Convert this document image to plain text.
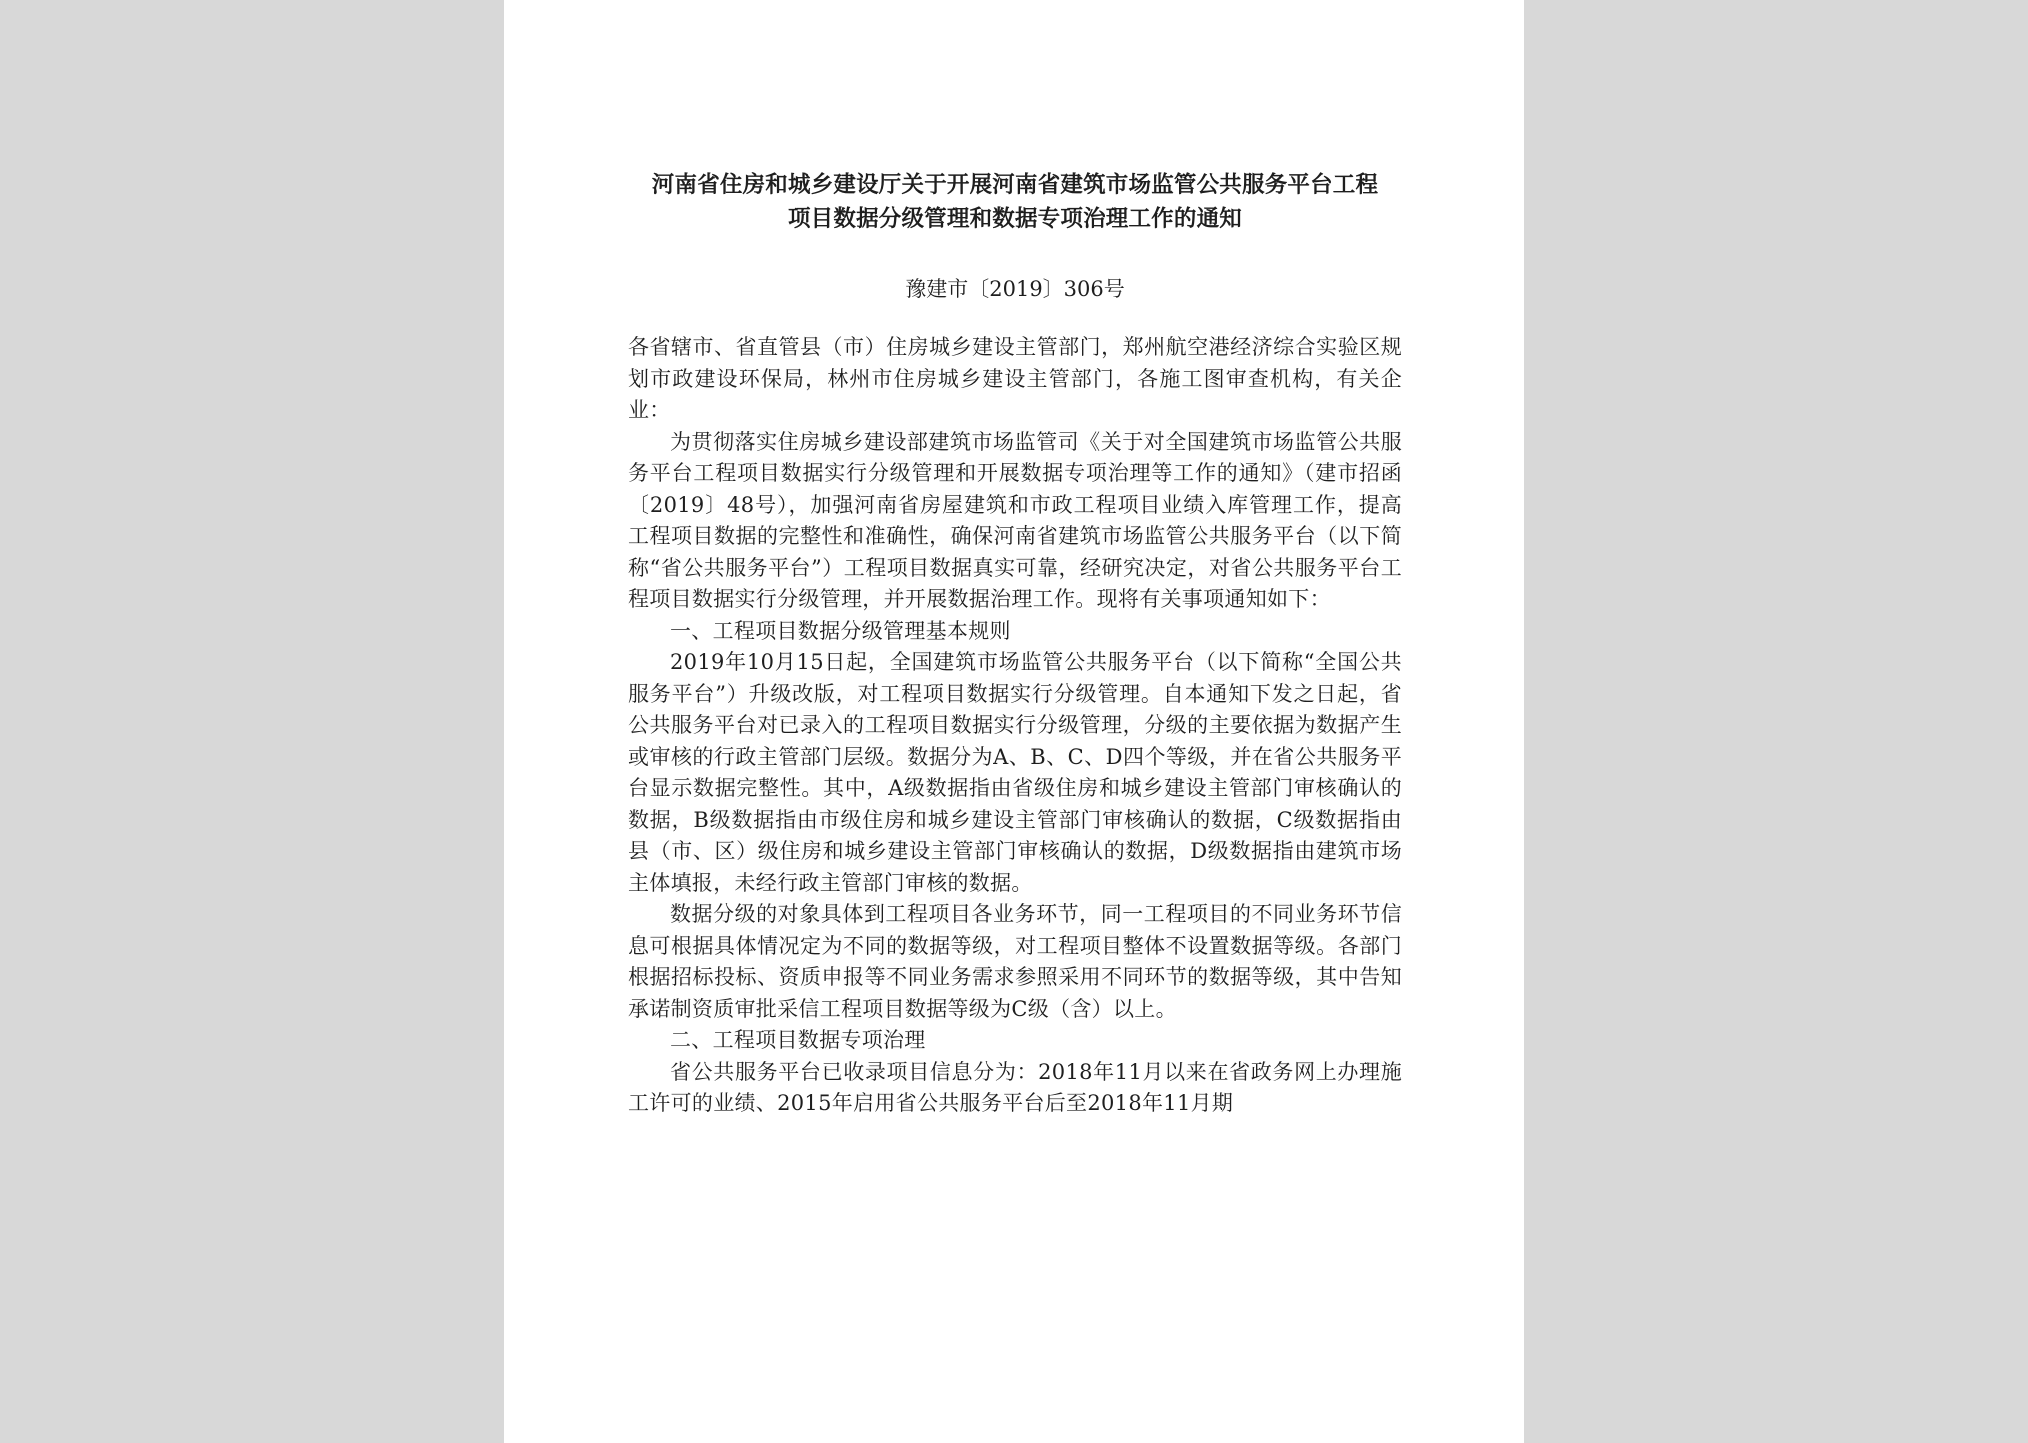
河南省住房和城乡建设厅关于开展河南省建筑市场监管公共服务平台工程
项目数据分级管理和数据专项治理工作的通知
豫建市〔2019〕306号

各省辖市、省直管县（市）住房城乡建设主管部门，郑州航空港经济综合实验区规划市政建设环保局，林州市住房城乡建设主管部门，各施工图审查机构，有关企业：

为贯彻落实住房城乡建设部建筑市场监管司《关于对全国建筑市场监管公共服务平台工程项目数据实行分级管理和开展数据专项治理等工作的通知》（建市招函〔2019〕48号），加强河南省房屋建筑和市政工程项目业绩入库管理工作，提高工程项目数据的完整性和准确性，确保河南省建筑市场监管公共服务平台（以下简称“省公共服务平台”）工程项目数据真实可靠，经研究决定，对省公共服务平台工程项目数据实行分级管理，并开展数据治理工作。现将有关事项通知如下：

一、工程项目数据分级管理基本规则

2019年10月15日起，全国建筑市场监管公共服务平台（以下简称“全国公共服务平台”）升级改版，对工程项目数据实行分级管理。自本通知下发之日起，省公共服务平台对已录入的工程项目数据实行分级管理，分级的主要依据为数据产生或审核的行政主管部门层级。数据分为A、B、C、D四个等级，并在省公共服务平台显示数据完整性。其中，A级数据指由省级住房和城乡建设主管部门审核确认的数据，B级数据指由市级住房和城乡建设主管部门审核确认的数据，C级数据指由县（市、区）级住房和城乡建设主管部门审核确认的数据，D级数据指由建筑市场主体填报，未经行政主管部门审核的数据。

数据分级的对象具体到工程项目各业务环节，同一工程项目的不同业务环节信息可根据具体情况定为不同的数据等级，对工程项目整体不设置数据等级。各部门根据招标投标、资质申报等不同业务需求参照采用不同环节的数据等级，其中告知承诺制资质审批采信工程项目数据等级为C级（含）以上。

二、工程项目数据专项治理

省公共服务平台已收录项目信息分为：2018年11月以来在省政务网上办理施工许可的业绩、2015年启用省公共服务平台后至2018年11月期
